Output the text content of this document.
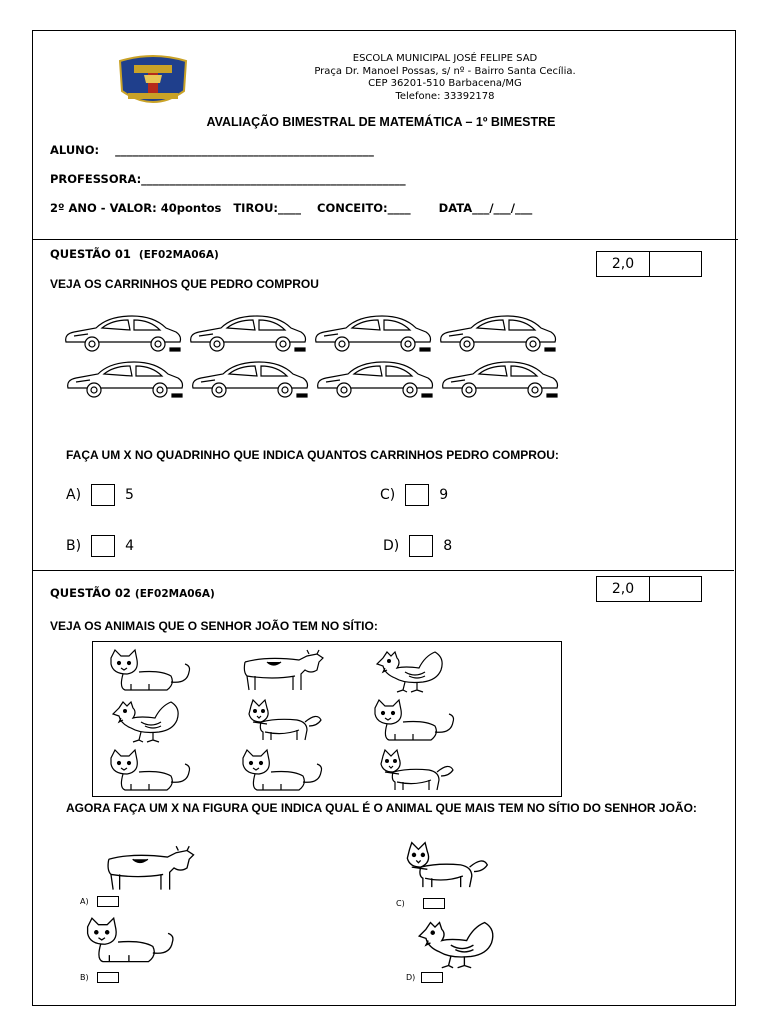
ESCOLA MUNICIPAL JOSÉ FELIPE SAD
Praça Dr. Manoel Possas, s/ nº - Bairro Santa Cecília.
CEP 36201-510 Barbacena/MG
Telefone: 33392178
AVALIAÇÃO BIMESTRAL DE MATEMÁTICA – 1º BIMESTRE
ALUNO:    _____________________________________________
PROFESSORA:______________________________________________
2º ANO - VALOR: 40pontos   TIROU:____    CONCEITO:____       DATA___/___/___
QUESTÃO 01 (EF02MA06A)
2,0
VEJA OS CARRINHOS QUE PEDRO COMPROU
FAÇA UM X NO QUADRINHO QUE INDICA QUANTOS CARRINHOS PEDRO COMPROU:
A)	5
B)	4
C)	9
D)	8
QUESTÃO 02 (EF02MA06A)	2,0
VEJA OS ANIMAIS QUE O SENHOR JOÃO TEM NO SÍTIO:
AGORA FAÇA UM X NA FIGURA QUE INDICA QUAL É O ANIMAL QUE MAIS TEM NO SÍTIO DO SENHOR JOÃO:
A)
B)
C)
D)
